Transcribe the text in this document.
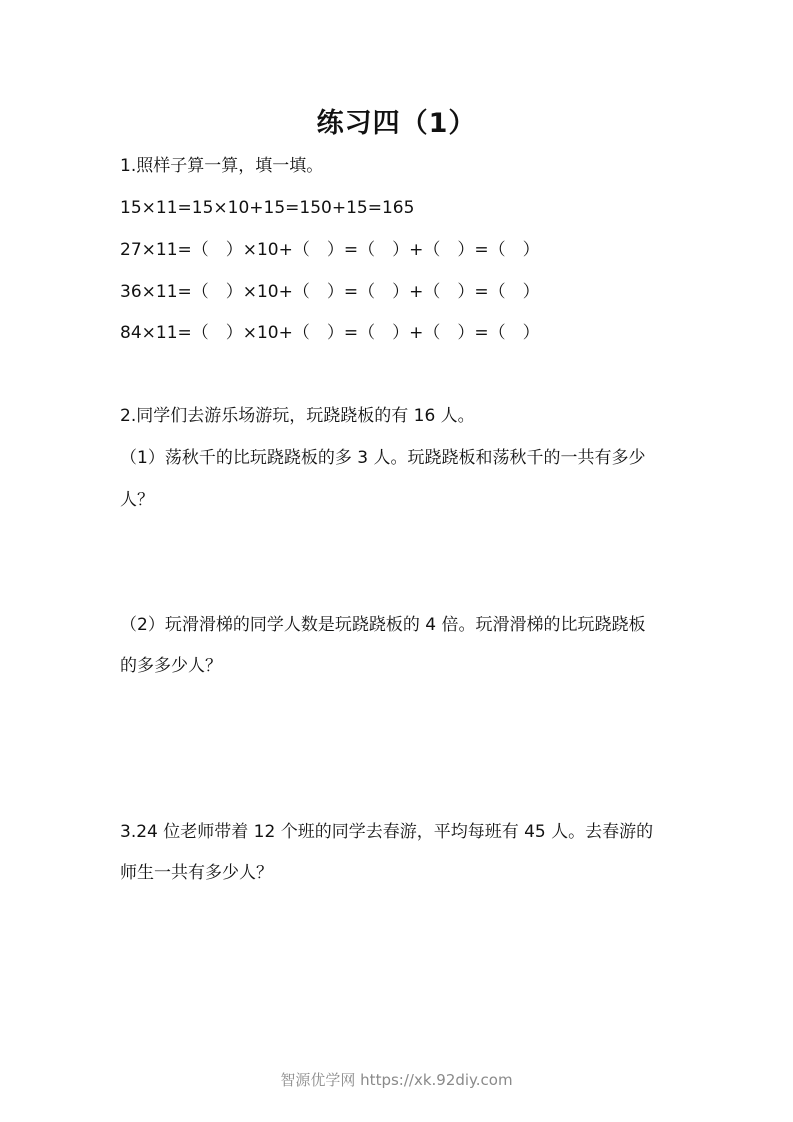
练习四（1）
1.照样子算一算，填一填。
15×11=15×10+15=150+15=165
27×11=（　）×10+（　）=（　）+（　）=（　）
36×11=（　）×10+（　）=（　）+（　）=（　）
84×11=（　）×10+（　）=（　）+（　）=（　）
2.同学们去游乐场游玩，玩跷跷板的有 16 人。
（1）荡秋千的比玩跷跷板的多 3 人。玩跷跷板和荡秋千的一共有多少
人？
（2）玩滑滑梯的同学人数是玩跷跷板的 4 倍。玩滑滑梯的比玩跷跷板
的多多少人？
3.24 位老师带着 12 个班的同学去春游，平均每班有 45 人。去春游的
师生一共有多少人？
智源优学网 https://xk.92diy.com
